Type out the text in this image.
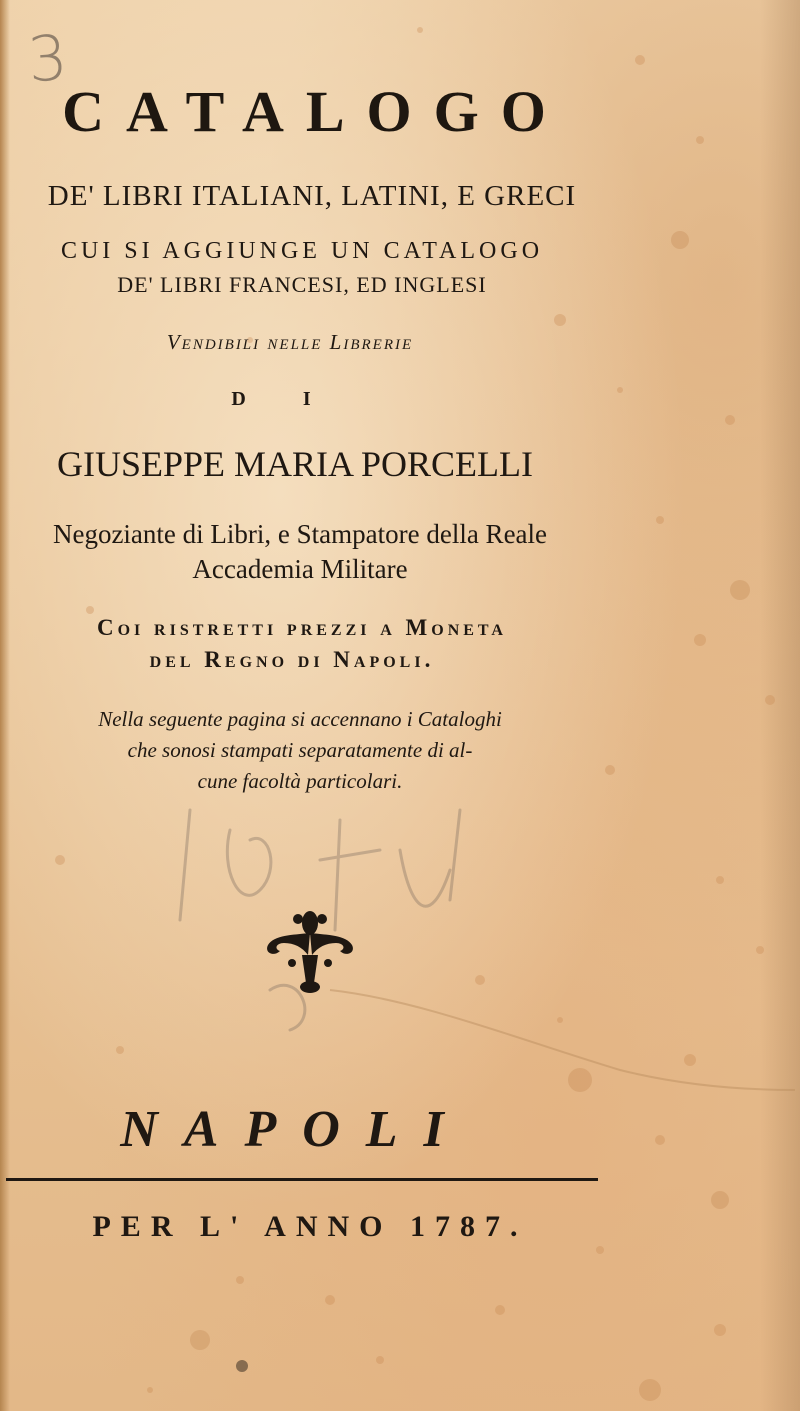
3
CATALOGO
DE' LIBRI ITALIANI, LATINI, E GRECI
CUI SI AGGIUNGE UN CATALOGO
DE' LIBRI FRANCESI, ED INGLESI
Vendibili nelle Librerie
D I
GIUSEPPE MARIA PORCELLI
Negoziante di Libri, e Stampatore della Reale
Accademia Militare
Coi ristretti prezzi a Moneta
del Regno di Napoli.
Nella seguente pagina si accennano i Cataloghi
che sonosi stampati separatamente di al-
cune facoltà particolari.
NAPOLI
PER L' ANNO 1787.
